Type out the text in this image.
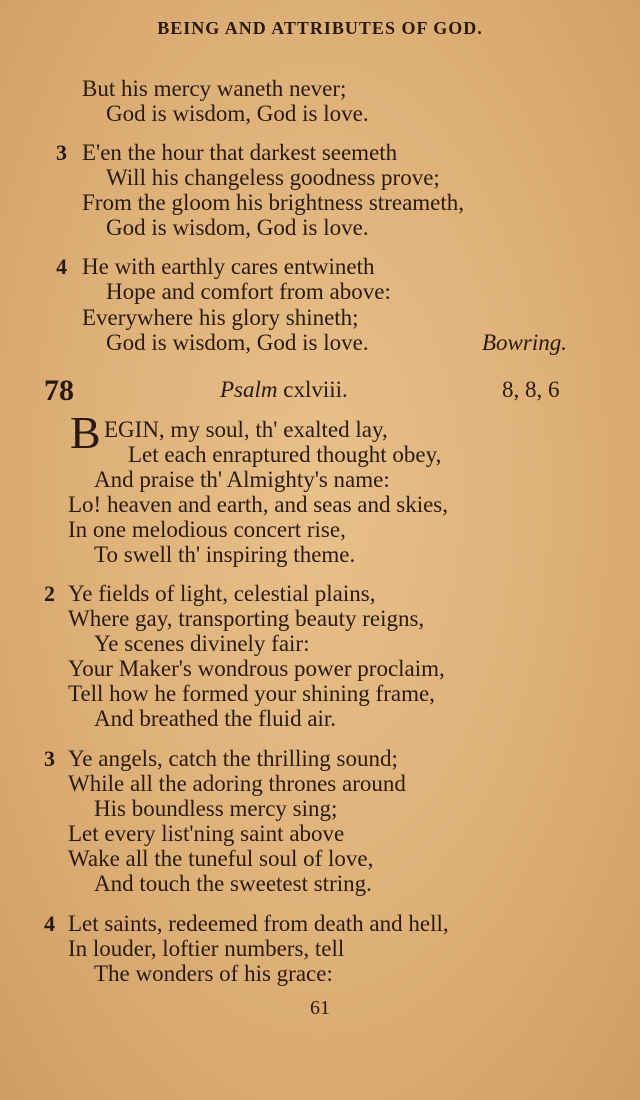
BEING AND ATTRIBUTES OF GOD.
But his mercy waneth never;
God is wisdom, God is love.
3 E'en the hour that darkest seemeth
Will his changeless goodness prove;
From the gloom his brightness streameth,
God is wisdom, God is love.
4 He with earthly cares entwineth
Hope and comfort from above:
Everywhere his glory shineth;
God is wisdom, God is love.	Bowring.
78	Psalm cxlviii.	8, 8, 6
B EGIN, my soul, th' exalted lay,
Let each enraptured thought obey,
And praise th' Almighty's name:
Lo! heaven and earth, and seas and skies,
In one melodious concert rise,
To swell th' inspiring theme.
2 Ye fields of light, celestial plains,
Where gay, transporting beauty reigns,
Ye scenes divinely fair:
Your Maker's wondrous power proclaim,
Tell how he formed your shining frame,
And breathed the fluid air.
3 Ye angels, catch the thrilling sound;
While all the adoring thrones around
His boundless mercy sing;
Let every list'ning saint above
Wake all the tuneful soul of love,
And touch the sweetest string.
4 Let saints, redeemed from death and hell,
In louder, loftier numbers, tell
The wonders of his grace:
61
